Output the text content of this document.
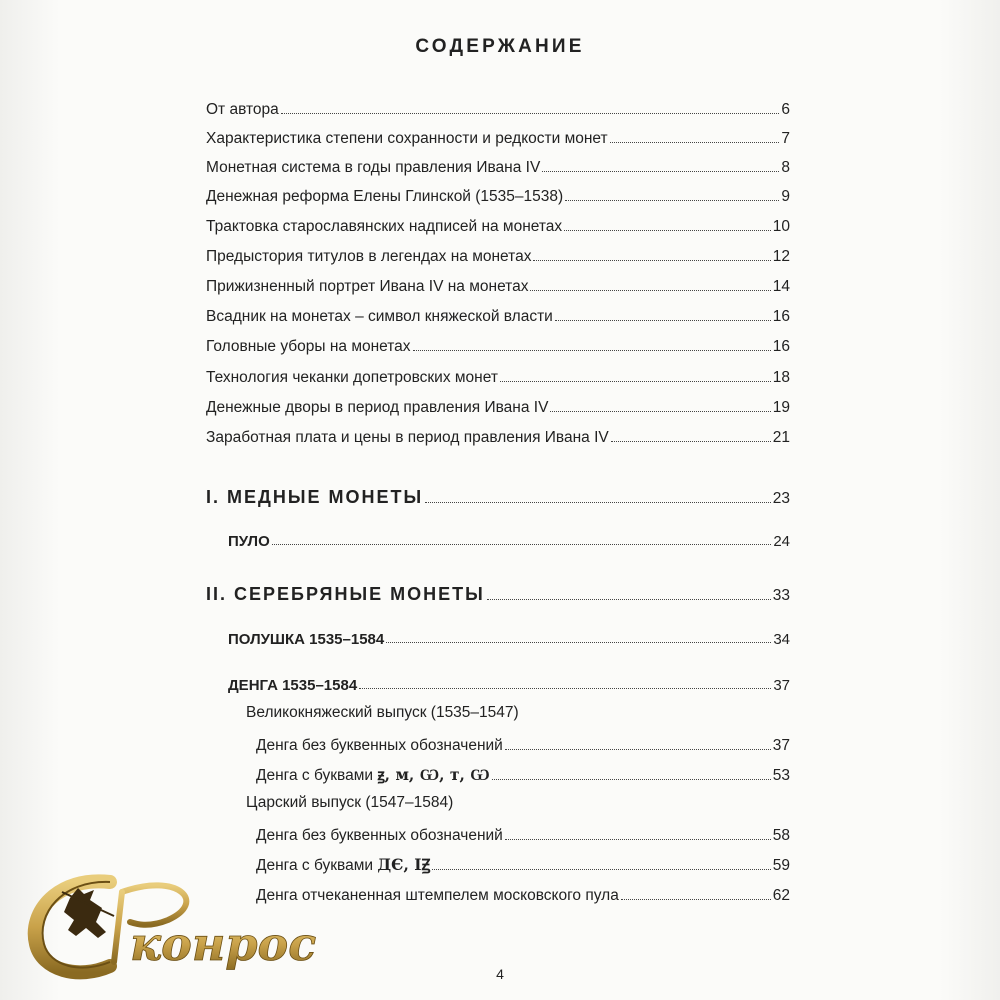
СОДЕРЖАНИЕ
От автора	6
Характеристика степени сохранности и редкости монет	7
Монетная система в годы правления Ивана IV	8
Денежная реформа Елены Глинской (1535–1538)	9
Трактовка старославянских надписей на монетах	10
Предыстория титулов в легендах на монетах	12
Прижизненный портрет Ивана IV на монетах	14
Всадник на монетах – символ княжеской власти	16
Головные уборы на монетах	16
Технология чеканки допетровских монет	18
Денежные дворы в период правления Ивана IV	19
Заработная плата и цены в период правления Ивана IV	21
I. МЕДНЫЕ МОНЕТЫ	23
ПУЛО	24
II. СЕРЕБРЯНЫЕ МОНЕТЫ	33
ПОЛУШКА 1535–1584	34
ДЕНГА 1535–1584	37
Великокняжеский выпуск (1535–1547)
Денга без буквенных обозначений	37
Денга с буквами ꙃ, м, Ѡ, т, Ѡ	53
Царский выпуск (1547–1584)
Денга без буквенных обозначений	58
Денга с буквами ДЄ, IꙂ	59
Денга отчеканенная штемпелем московского пула	62
4
конрос
